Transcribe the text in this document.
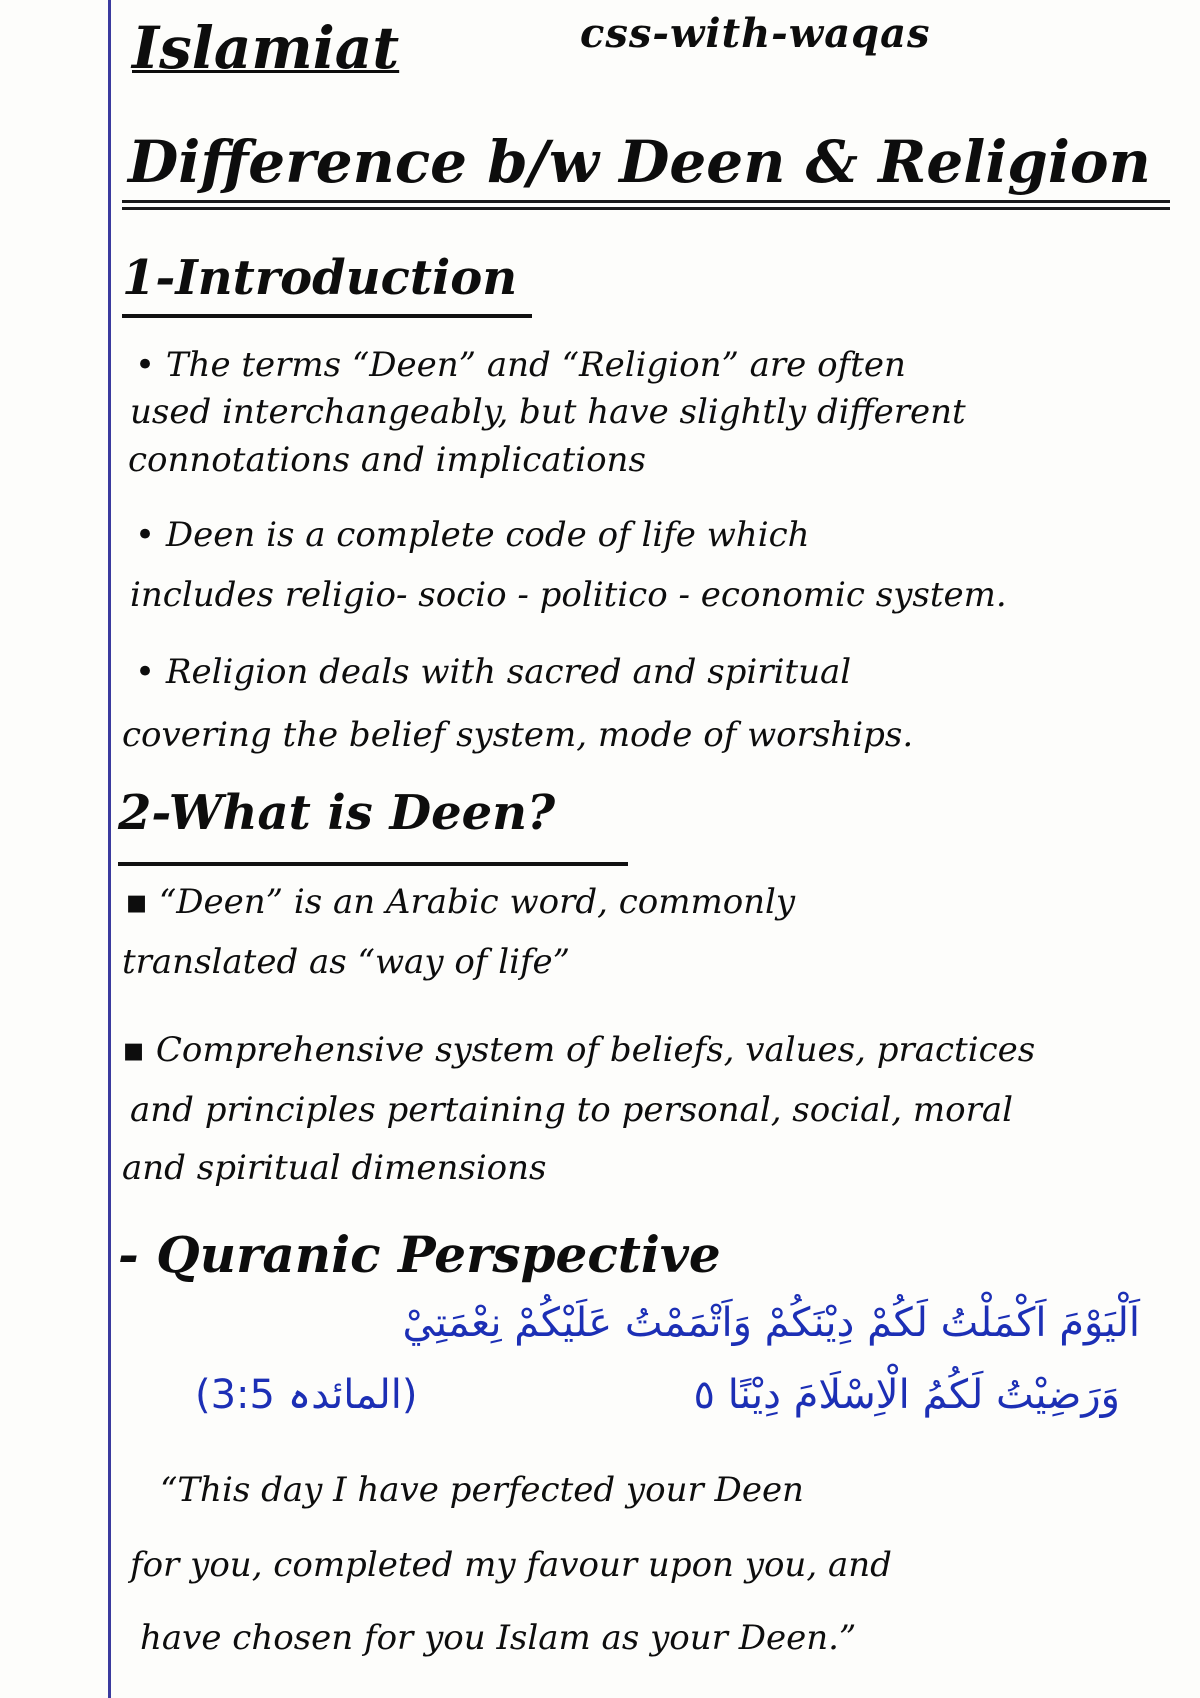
Islamiat	css-with-waqas
Difference b/w Deen & Religion
1-Introduction
• The terms “Deen” and “Religion” are often
used interchangeably, but have slightly different
connotations and implications
• Deen is a complete code of life which
includes religio- socio - politico - economic system.
• Religion deals with sacred and spiritual
covering the belief system, mode of worships.
2-What is Deen?
▪ “Deen” is an Arabic word, commonly
translated as “way of life”
▪ Comprehensive system of beliefs, values, practices
and principles pertaining to personal, social, moral
and spiritual dimensions
- Quranic Perspective
اَلْيَوْمَ اَكْمَلْتُ لَكُمْ دِيْنَكُمْ وَاَتْمَمْتُ عَلَيْكُمْ نِعْمَتِيْ
وَرَضِيْتُ لَكُمُ الْاِسْلَامَ دِيْنًا ٥
(المائدہ 3:5)
“This day I have perfected your Deen
for you, completed my favour upon you, and
have chosen for you Islam as your Deen.”
